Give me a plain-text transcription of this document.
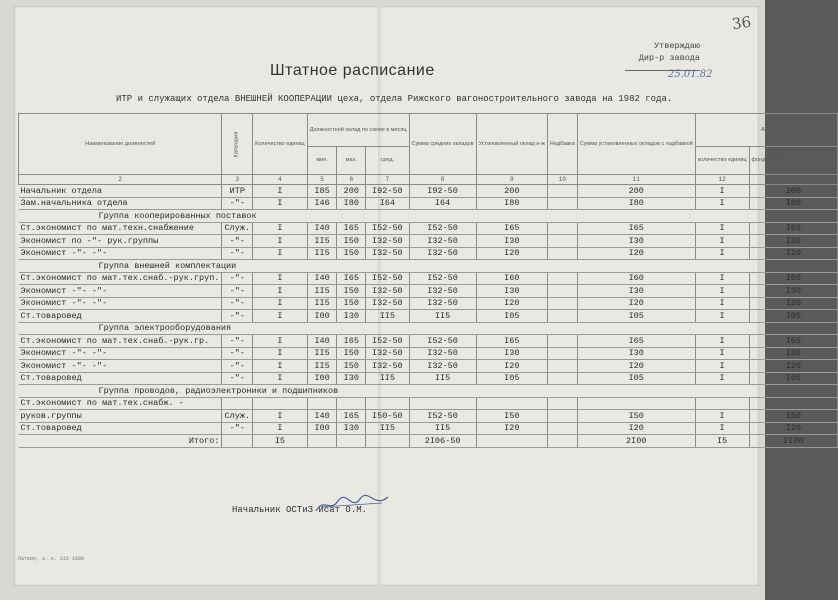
36
Утверждаю
Дир-р завода
25.01.82
Штатное расписание
ИТР и служащих отдела ВНЕШНЕЙ КООПЕРАЦИИ цеха, отдела Рижского вагоностроительного завода на 1982 года.
Наименование должностей	Категория	Количество единиц	Должностной оклад по схеме в месяц			Сумма средних окладов	Установленный оклад н-ж	Надбавка	Сумма установленных окладов с надбавкой	АУП	
			мин.	мах.	сред.					количество единиц	фонд заработной платы в месяц
2	3	4	5	6	7	8	9	10	11	12	13
Начальник отдела	ИТР	I	I85	200	I92-50	I92-50	200		200	I	200
Зам.начальника отдела	-"-	I	I46	I80	I64	I64	I80		I80	I	I80
Группа кооперированных поставок											
Ст.экономист по мат.техн.снабжение	Служ.	I	I40	I65	I52-50	I52-50	I65		I65	I	I65
Экономист по -"- рук.группы	-"-	I	II5	I50	I32-50	I32-50	I30		I30	I	I30
Экономист -"- -"-	-"-	I	II5	I50	I32-50	I32-50	I20		I20	I	I20
Группа внешней комплектации											
Ст.экономист по мат.тех.снаб.-рук.груп.	-"-	I	I40	I65	I52-50	I52-50	I60		I60	I	I60
Экономист -"- -"-	-"-	I	II5	I50	I32-50	I32-50	I30		I30	I	I30
Экономист -"- -"-	-"-	I	II5	I50	I32-50	I32-50	I20		I20	I	I20
Ст.товаровед	-"-	I	I00	I30	II5	II5	I05		I05	I	I05
Группа электрооборудования											
Ст.экономист по мат.тех.снаб.-рук.гр.	-"-	I	I40	I65	I52-50	I52-50	I65		I65	I	I65
Экономист -"- -"-	-"-	I	II5	I50	I32-50	I32-50	I30		I30	I	I30
Экономист -"- -"-	-"-	I	II5	I50	I32-50	I32-50	I20		I20	I	I20
Ст.товаровед	-"-	I	I00	I30	II5	II5	I05		I05	I	I05
Группа проводов, радиоэлектроники и подшипников											
Ст.экономист по мат.тех.снабж. -											
руков.группы	Служ.	I	I40	I65	I50-50	I52-50	I50		I50	I	I50
Ст.товаровед	-"-	I	I00	I30	II5	II5	I20		I20	I	I20
Итого:		I5				2I06-50			2I00	I5	2I00
Начальник ОСТиЗ Исат О.М.
Латвия, з. к. 215 1980
